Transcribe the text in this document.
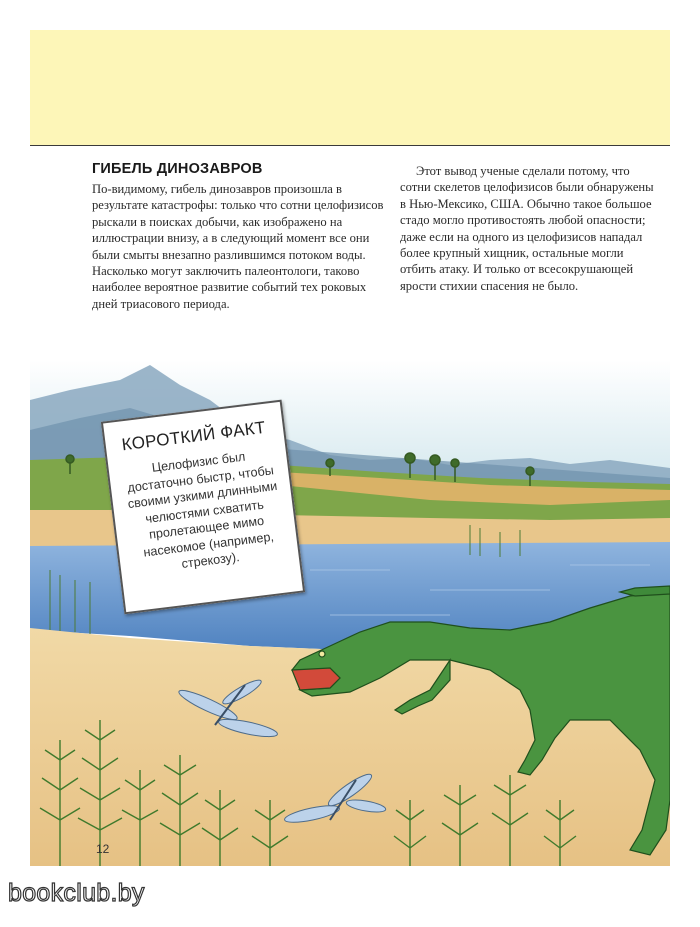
ГИБЕЛЬ ДИНОЗАВРОВ

По-видимому, гибель динозавров произошла в результате катастрофы: только что сотни целофизисов рыскали в поисках добычи, как изображено на иллюстрации внизу, а в следующий момент все они были смыты внезапно разлившимся потоком воды. Насколько могут заключить палеонтологи, таково наиболее вероятное развитие событий тех роковых дней триасового периода.

Этот вывод ученые сделали потому, что сотни скелетов целофизисов были обнаружены в Нью-Мексико, США. Обычно такое большое стадо могло противостоять любой опасности; даже если на одного из целофизисов нападал более крупный хищник, остальные могли отбить атаку. И только от всесокрушающей ярости стихии спасения не было.

КОРОТКИЙ ФАКТ
Целофизис был достаточно быстр, чтобы своими узкими длинными челюстями схватить пролетающее мимо насекомое (например, стрекозу).
12
bookclub.by
